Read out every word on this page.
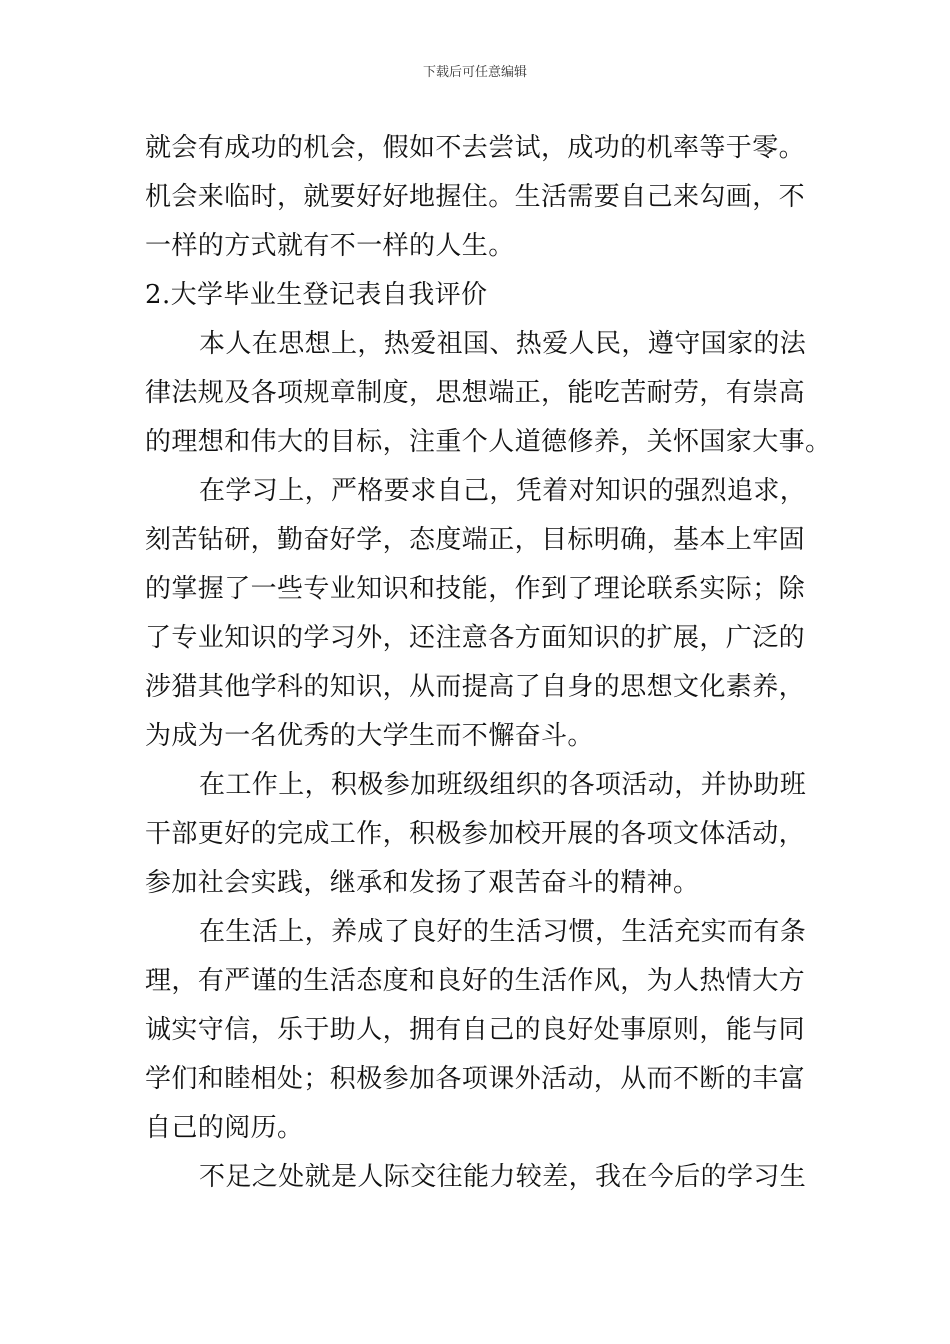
下载后可任意编辑
就会有成功的机会，假如不去尝试，成功的机率等于零。
机会来临时，就要好好地握住。生活需要自己来勾画，不
一样的方式就有不一样的人生。
2.大学毕业生登记表自我评价
本人在思想上，热爱祖国、热爱人民，遵守国家的法
律法规及各项规章制度，思想端正，能吃苦耐劳，有崇高
的理想和伟大的目标，注重个人道德修养，关怀国家大事。
在学习上，严格要求自己，凭着对知识的强烈追求，
刻苦钻研，勤奋好学，态度端正，目标明确，基本上牢固
的掌握了一些专业知识和技能，作到了理论联系实际；除
了专业知识的学习外，还注意各方面知识的扩展，广泛的
涉猎其他学科的知识，从而提高了自身的思想文化素养，
为成为一名优秀的大学生而不懈奋斗。
在工作上，积极参加班级组织的各项活动，并协助班
干部更好的完成工作，积极参加校开展的各项文体活动，
参加社会实践，继承和发扬了艰苦奋斗的精神。
在生活上，养成了良好的生活习惯，生活充实而有条
理，有严谨的生活态度和良好的生活作风，为人热情大方
诚实守信，乐于助人，拥有自己的良好处事原则，能与同
学们和睦相处；积极参加各项课外活动，从而不断的丰富
自己的阅历。
不足之处就是人际交往能力较差，我在今后的学习生
